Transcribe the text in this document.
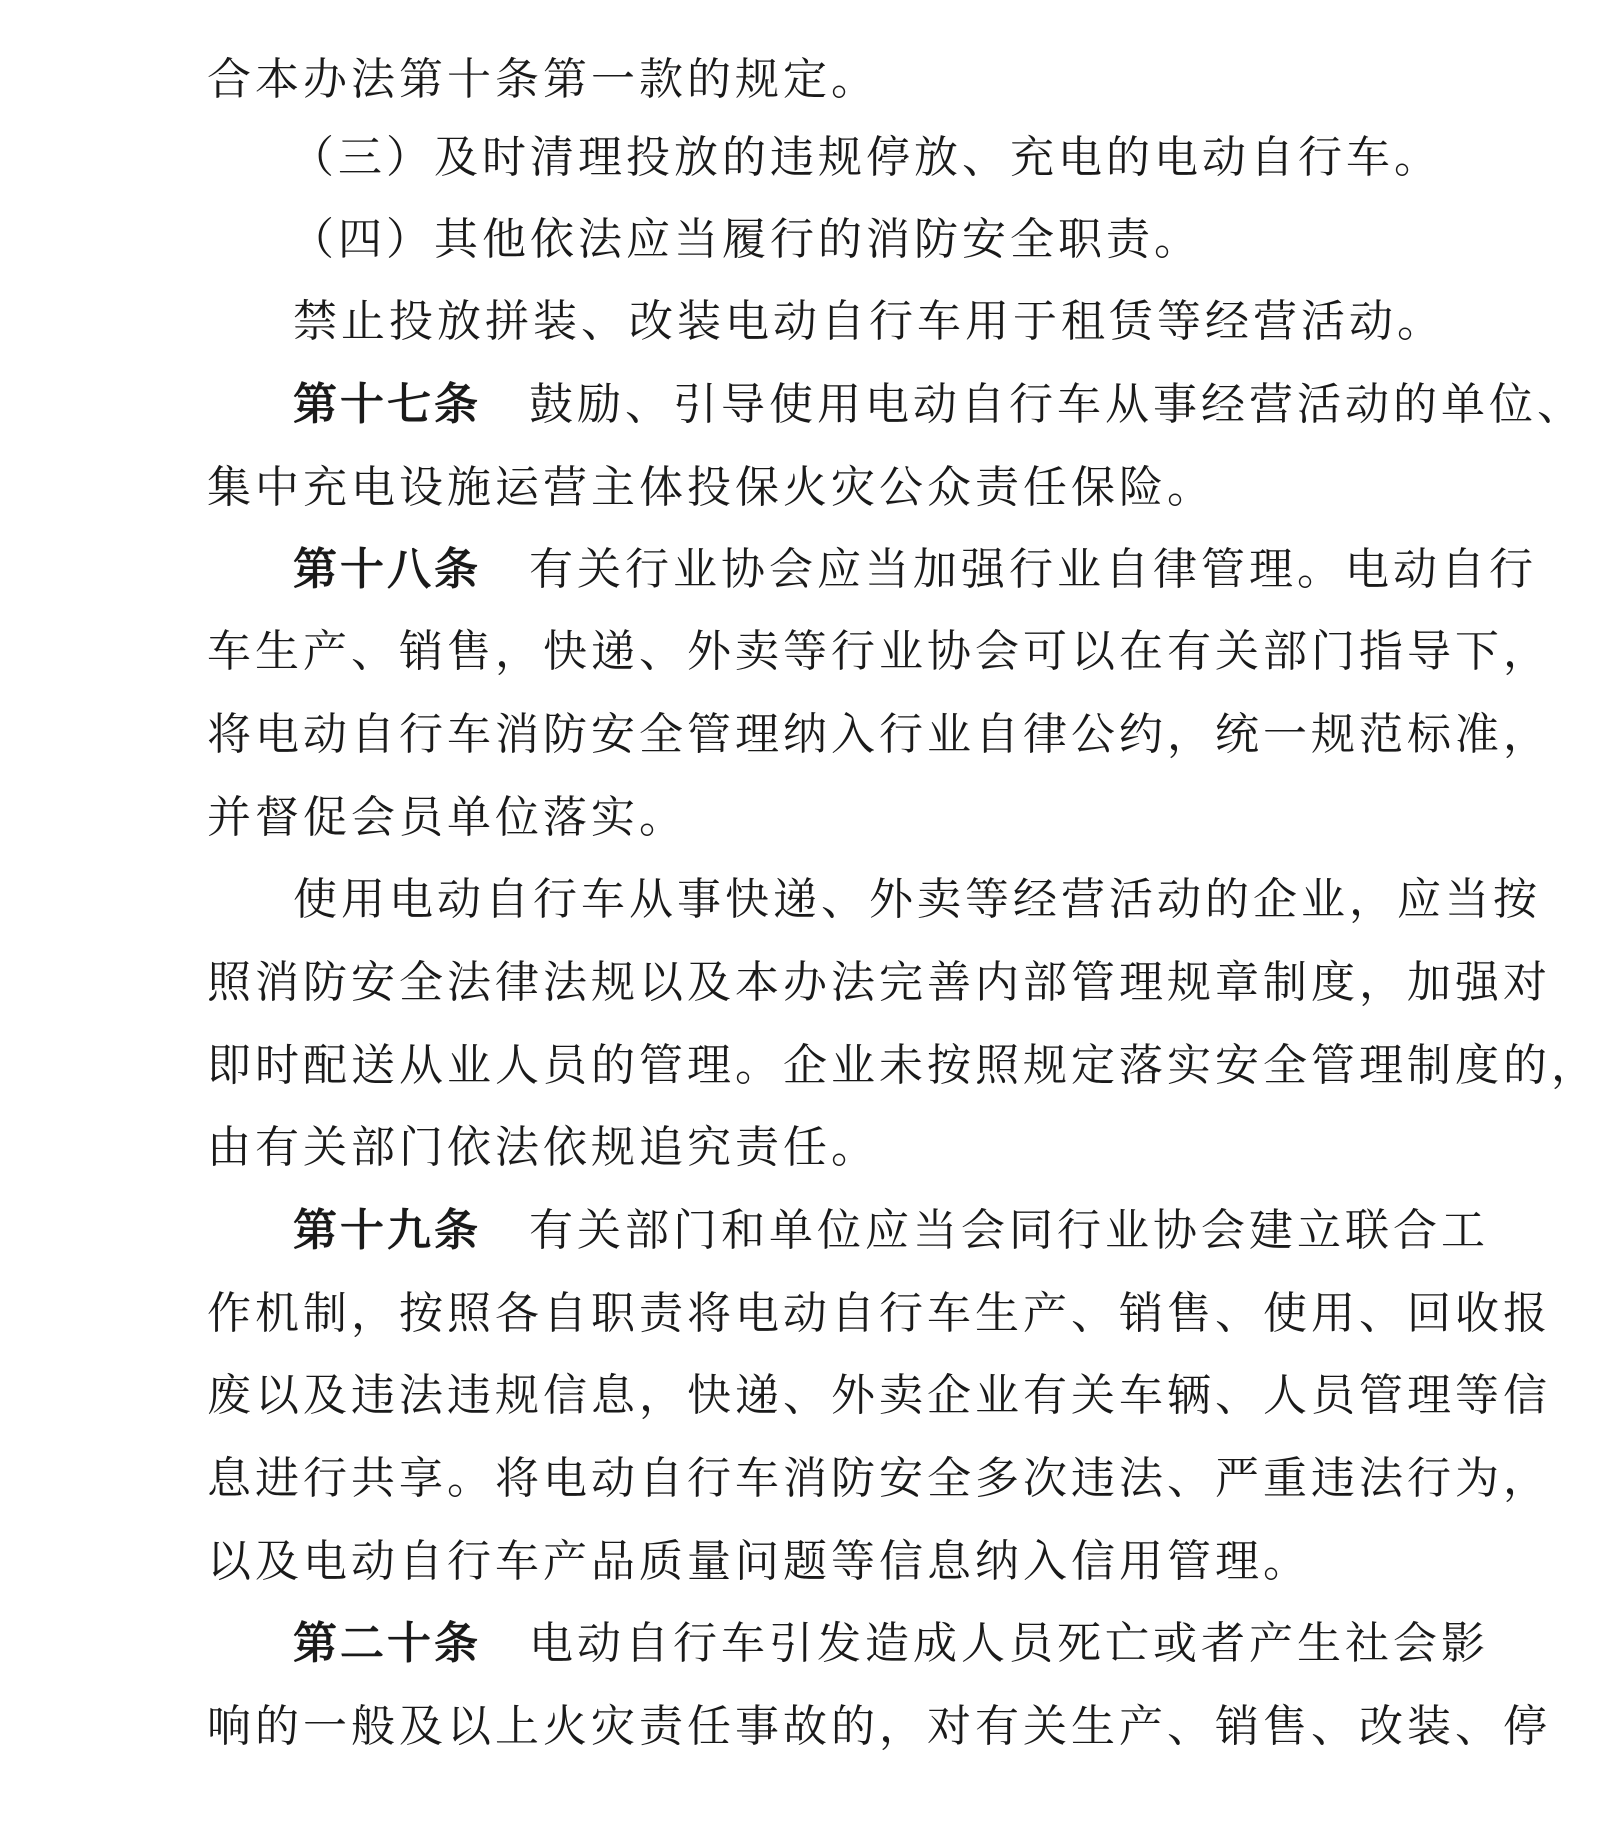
合本办法第十条第一款的规定。
（三）及时清理投放的违规停放、充电的电动自行车。
（四）其他依法应当履行的消防安全职责。
禁止投放拼装、改装电动自行车用于租赁等经营活动。
第十七条 鼓励、引导使用电动自行车从事经营活动的单位、
集中充电设施运营主体投保火灾公众责任保险。
第十八条 有关行业协会应当加强行业自律管理。电动自行
车生产、销售，快递、外卖等行业协会可以在有关部门指导下，
将电动自行车消防安全管理纳入行业自律公约，统一规范标准，
并督促会员单位落实。
使用电动自行车从事快递、外卖等经营活动的企业，应当按
照消防安全法律法规以及本办法完善内部管理规章制度，加强对
即时配送从业人员的管理。企业未按照规定落实安全管理制度的，
由有关部门依法依规追究责任。
第十九条 有关部门和单位应当会同行业协会建立联合工
作机制，按照各自职责将电动自行车生产、销售、使用、回收报
废以及违法违规信息，快递、外卖企业有关车辆、人员管理等信
息进行共享。将电动自行车消防安全多次违法、严重违法行为，
以及电动自行车产品质量问题等信息纳入信用管理。
第二十条 电动自行车引发造成人员死亡或者产生社会影
响的一般及以上火灾责任事故的，对有关生产、销售、改装、停
